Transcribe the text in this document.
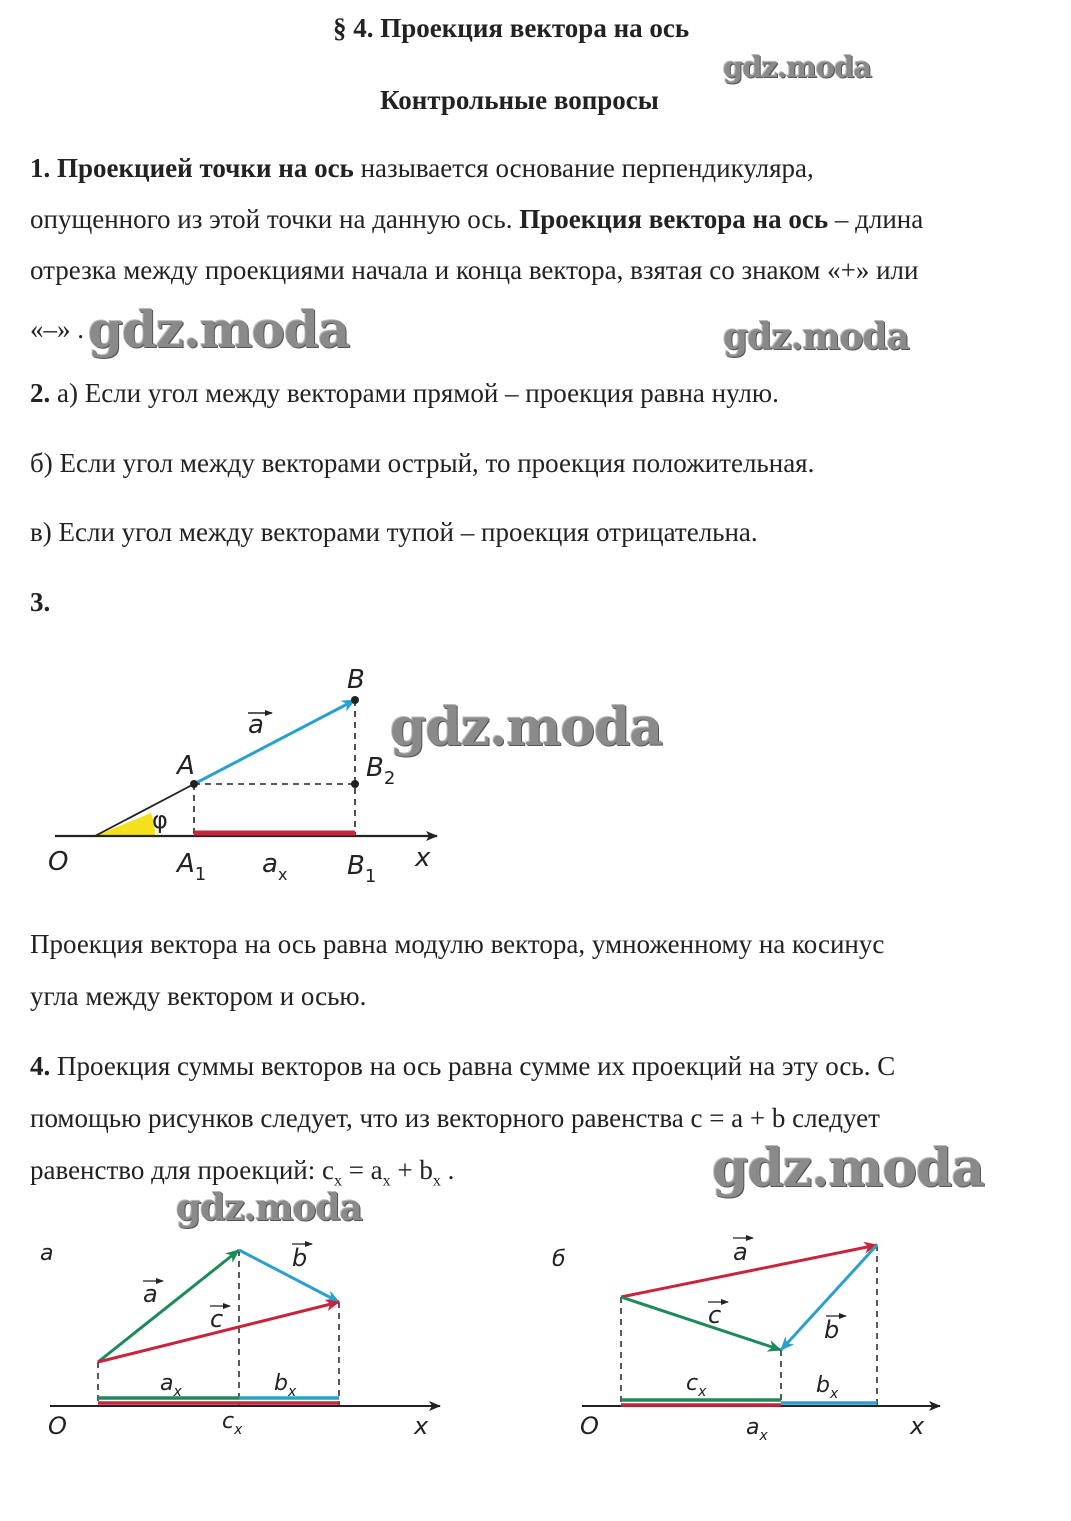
§ 4. Проекция вектора на ось
Контрольные вопросы
gdz.moda
gdz.moda	gdz.moda
gdz.moda
gdz.moda
gdz.moda
1. Проекцией точки на ось называется основание перпендикуляра,
опущенного из этой точки на данную ось. Проекция вектора на ось – длина
отрезка между проекциями начала и конца вектора, взятая со знаком «+» или
«–» .
2. а) Если угол между векторами прямой – проекция равна нулю.
б) Если угол между векторами острый, то проекция положительная.
в) Если угол между векторами тупой – проекция отрицательна.
3.
B
a
A	$B_2$
φ
O	$A_1$ $a_x$ $B_1$
x
а
a
b
c
$a_x$	$b_x$
O	$c_x$	x
б	a
c
b
$c_x$	$b_x$
O	$a_x$	x
Проекция вектора на ось равна модулю вектора, умноженному на косинус
угла между вектором и осью.
4. Проекция суммы векторов на ось равна сумме их проекций на эту ось. С
помощью рисунков следует, что из векторного равенства c = a + b следует
равенство для проекций: $c_x = a_x + b_x$ .
